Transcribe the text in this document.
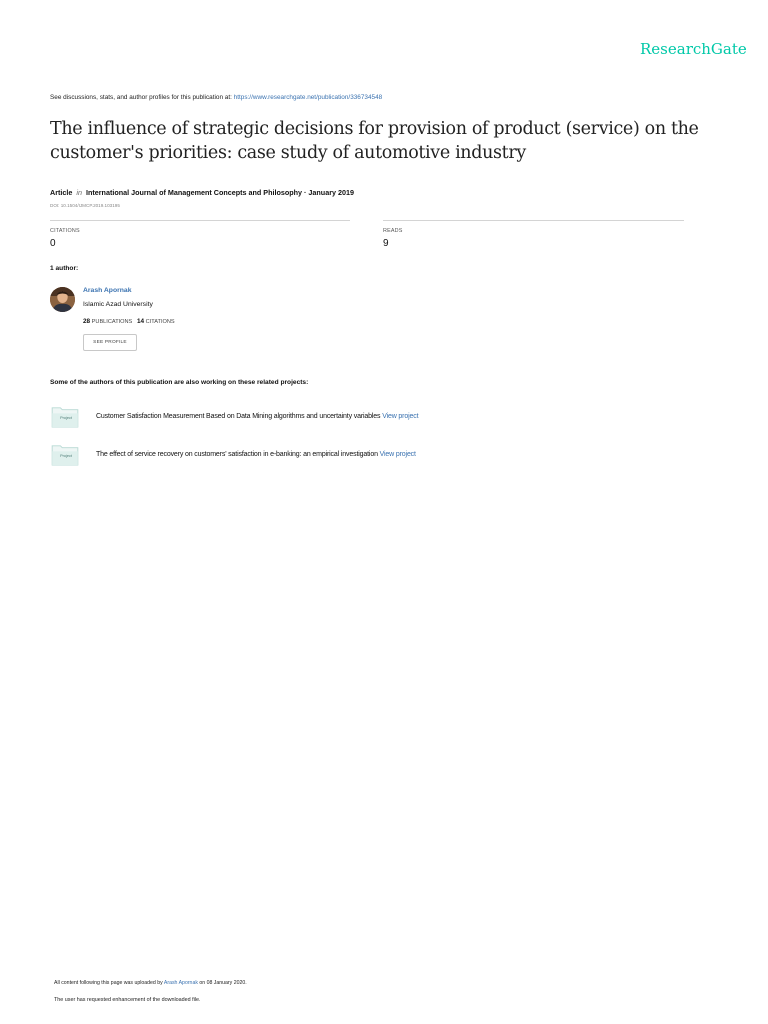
ResearchGate
See discussions, stats, and author profiles for this publication at: https://www.researchgate.net/publication/336734548
The influence of strategic decisions for provision of product (service) on the customer's priorities: case study of automotive industry
Article in International Journal of Management Concepts and Philosophy · January 2019
DOI: 10.1504/IJMCP.2019.103195
CITATIONS
0
READS
9
1 author:
Arash Apornak
Islamic Azad University
28 PUBLICATIONS 14 CITATIONS
SEE PROFILE
Some of the authors of this publication are also working on these related projects:
Project	Customer Satisfaction Measurement Based on Data Mining algorithms and uncertainty variables View project
Project	The effect of service recovery on customers' satisfaction in e-banking: an empirical investigation View project
All content following this page was uploaded by Arash Apornak on 08 January 2020.
The user has requested enhancement of the downloaded file.
